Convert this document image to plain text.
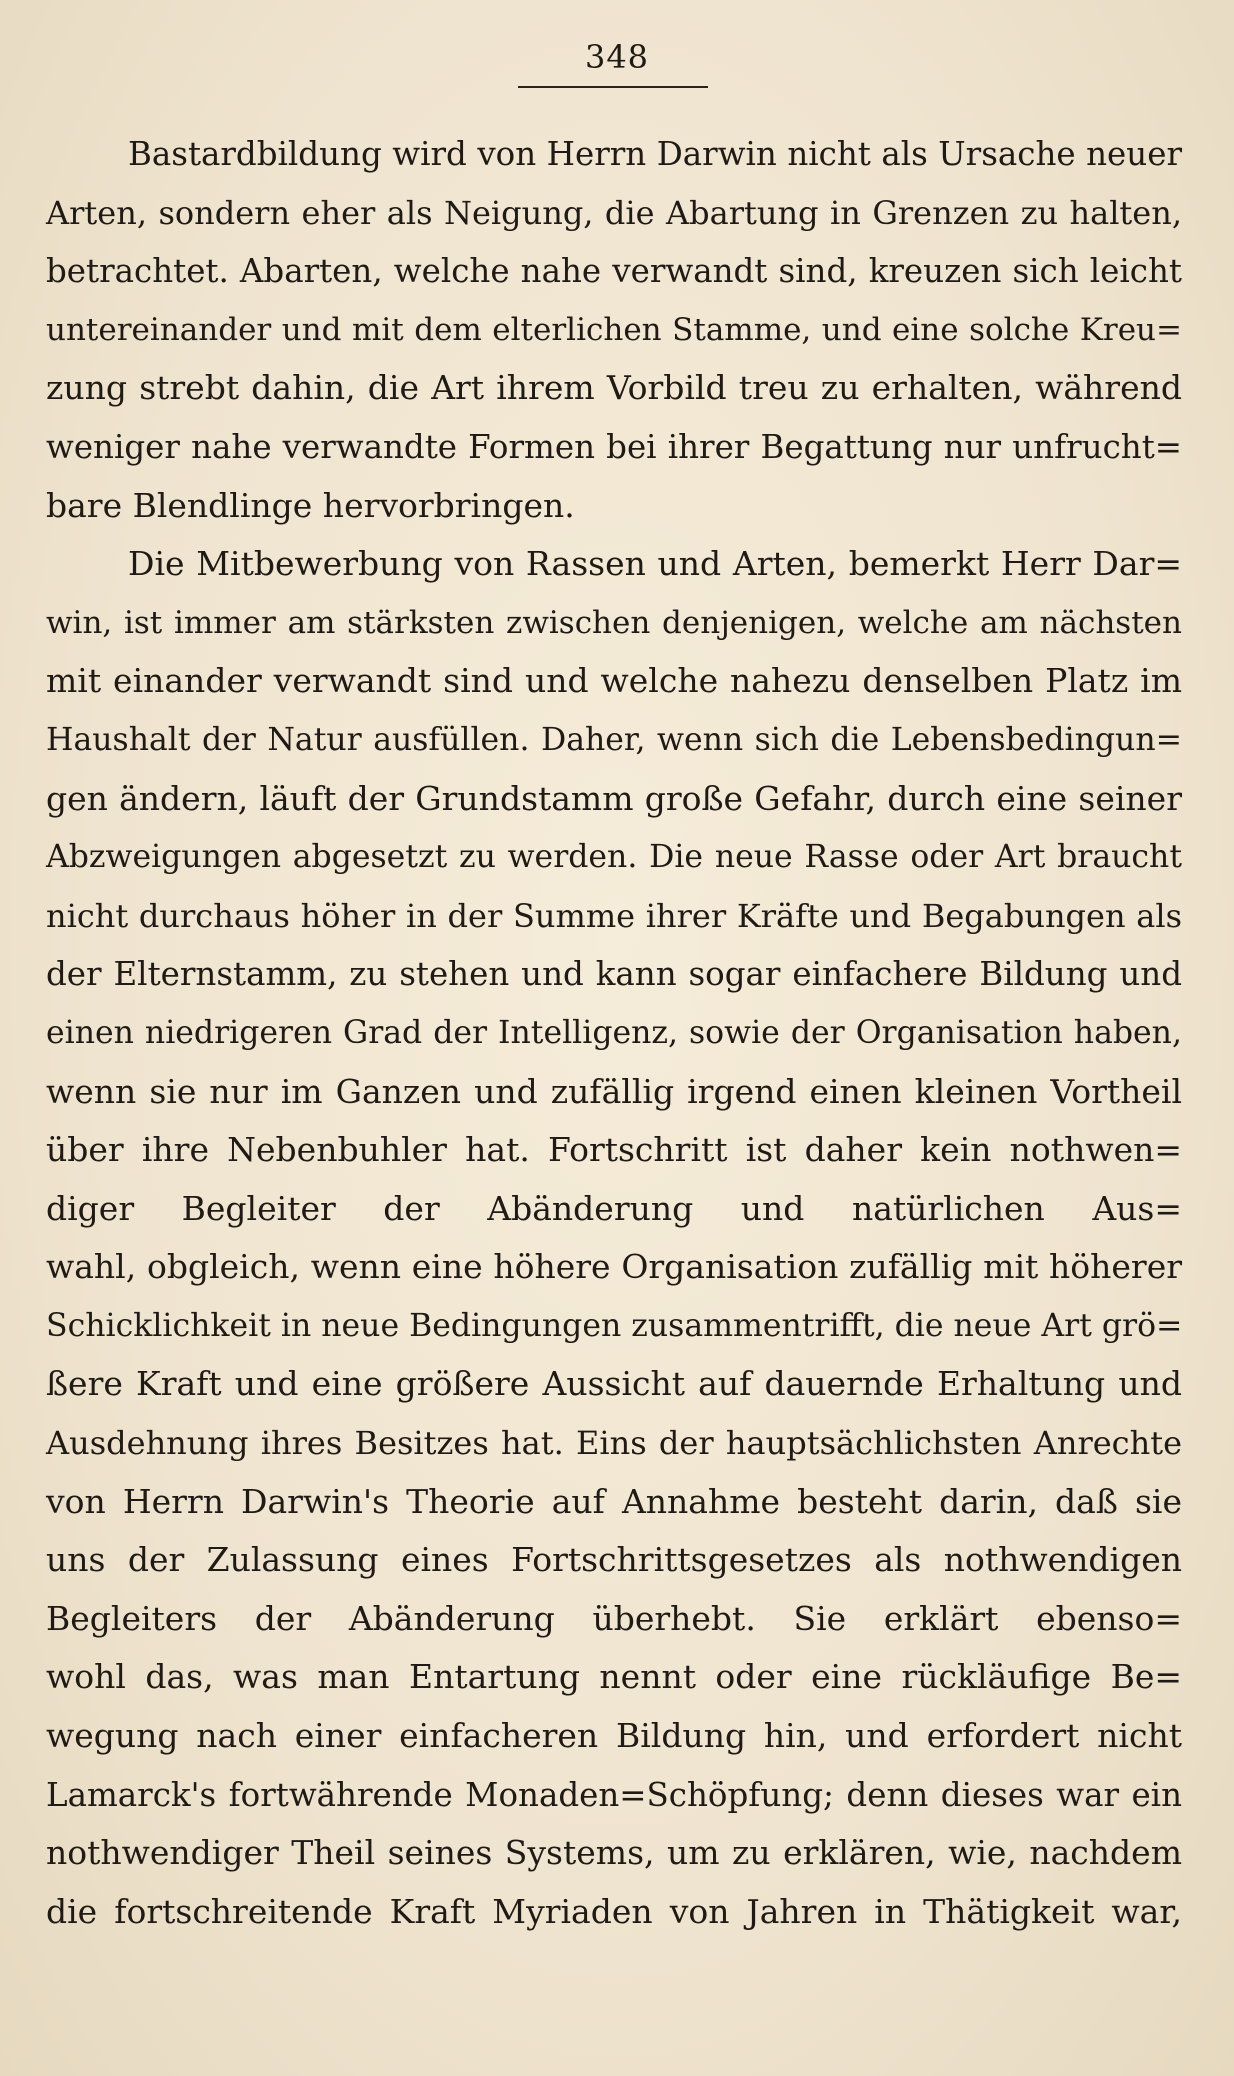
348
Bastardbildung wird von Herrn Darwin nicht als Ursache neuer
Arten, sondern eher als Neigung, die Abartung in Grenzen zu halten,
betrachtet. Abarten, welche nahe verwandt sind, kreuzen sich leicht
untereinander und mit dem elterlichen Stamme, und eine solche Kreu=
zung strebt dahin, die Art ihrem Vorbild treu zu erhalten, während
weniger nahe verwandte Formen bei ihrer Begattung nur unfrucht=
bare Blendlinge hervorbringen.
Die Mitbewerbung von Rassen und Arten, bemerkt Herr Dar=
win, ist immer am stärksten zwischen denjenigen, welche am nächsten
mit einander verwandt sind und welche nahezu denselben Platz im
Haushalt der Natur ausfüllen. Daher, wenn sich die Lebensbedingun=
gen ändern, läuft der Grundstamm große Gefahr, durch eine seiner
Abzweigungen abgesetzt zu werden. Die neue Rasse oder Art braucht
nicht durchaus höher in der Summe ihrer Kräfte und Begabungen als
der Elternstamm, zu stehen und kann sogar einfachere Bildung und
einen niedrigeren Grad der Intelligenz, sowie der Organisation haben,
wenn sie nur im Ganzen und zufällig irgend einen kleinen Vortheil
über ihre Nebenbuhler hat. Fortschritt ist daher kein nothwen=
diger Begleiter der Abänderung und natürlichen Aus=
wahl, obgleich, wenn eine höhere Organisation zufällig mit höherer
Schicklichkeit in neue Bedingungen zusammentrifft, die neue Art grö=
ßere Kraft und eine größere Aussicht auf dauernde Erhaltung und
Ausdehnung ihres Besitzes hat. Eins der hauptsächlichsten Anrechte
von Herrn Darwin's Theorie auf Annahme besteht darin, daß sie
uns der Zulassung eines Fortschrittsgesetzes als nothwendigen
Begleiters der Abänderung überhebt. Sie erklärt ebenso=
wohl das, was man Entartung nennt oder eine rückläufige Be=
wegung nach einer einfacheren Bildung hin, und erfordert nicht
Lamarck's fortwährende Monaden=Schöpfung; denn dieses war ein
nothwendiger Theil seines Systems, um zu erklären, wie, nachdem
die fortschreitende Kraft Myriaden von Jahren in Thätigkeit war,
